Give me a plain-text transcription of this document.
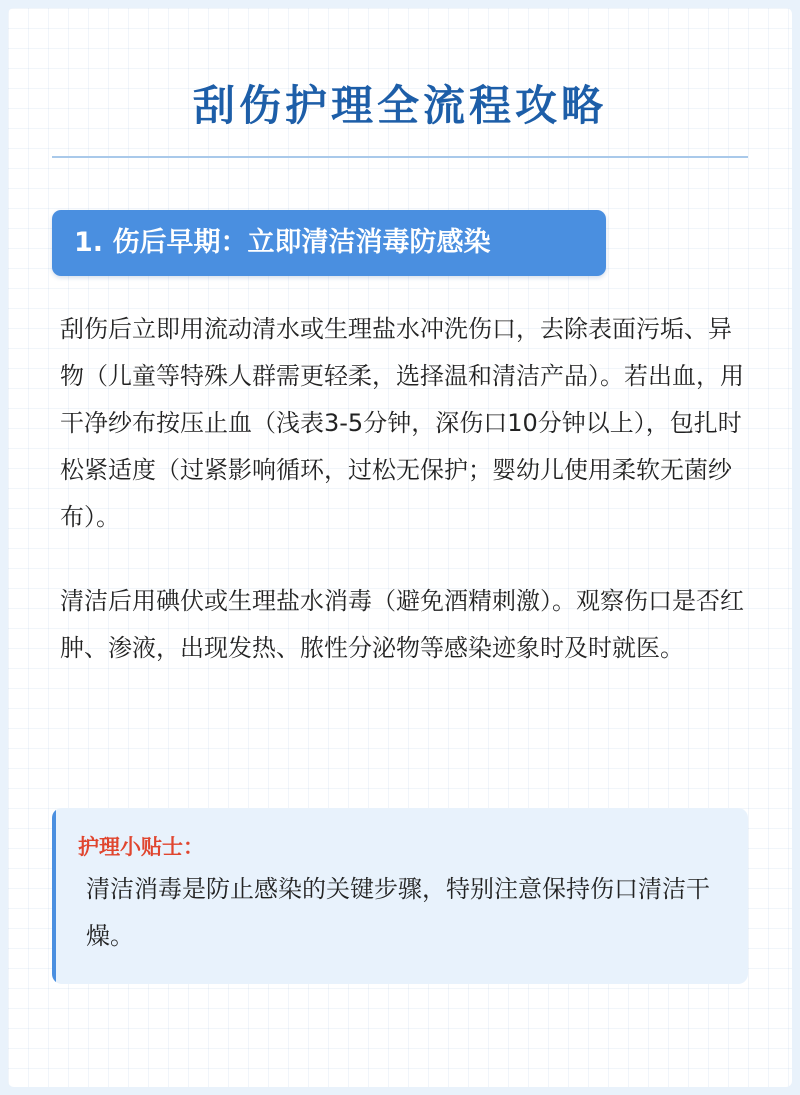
刮伤护理全流程攻略
1. 伤后早期：立即清洁消毒防感染

刮伤后立即用流动清水或生理盐水冲洗伤口，去除表面污垢、异物（儿童等特殊人群需更轻柔，选择温和清洁产品）。若出血，用干净纱布按压止血（浅表3-5分钟，深伤口10分钟以上），包扎时松紧适度（过紧影响循环，过松无保护；婴幼儿使用柔软无菌纱布）。

清洁后用碘伏或生理盐水消毒（避免酒精刺激）。观察伤口是否红肿、渗液，出现发热、脓性分泌物等感染迹象时及时就医。

护理小贴士：

清洁消毒是防止感染的关键步骤，特别注意保持伤口清洁干燥。
